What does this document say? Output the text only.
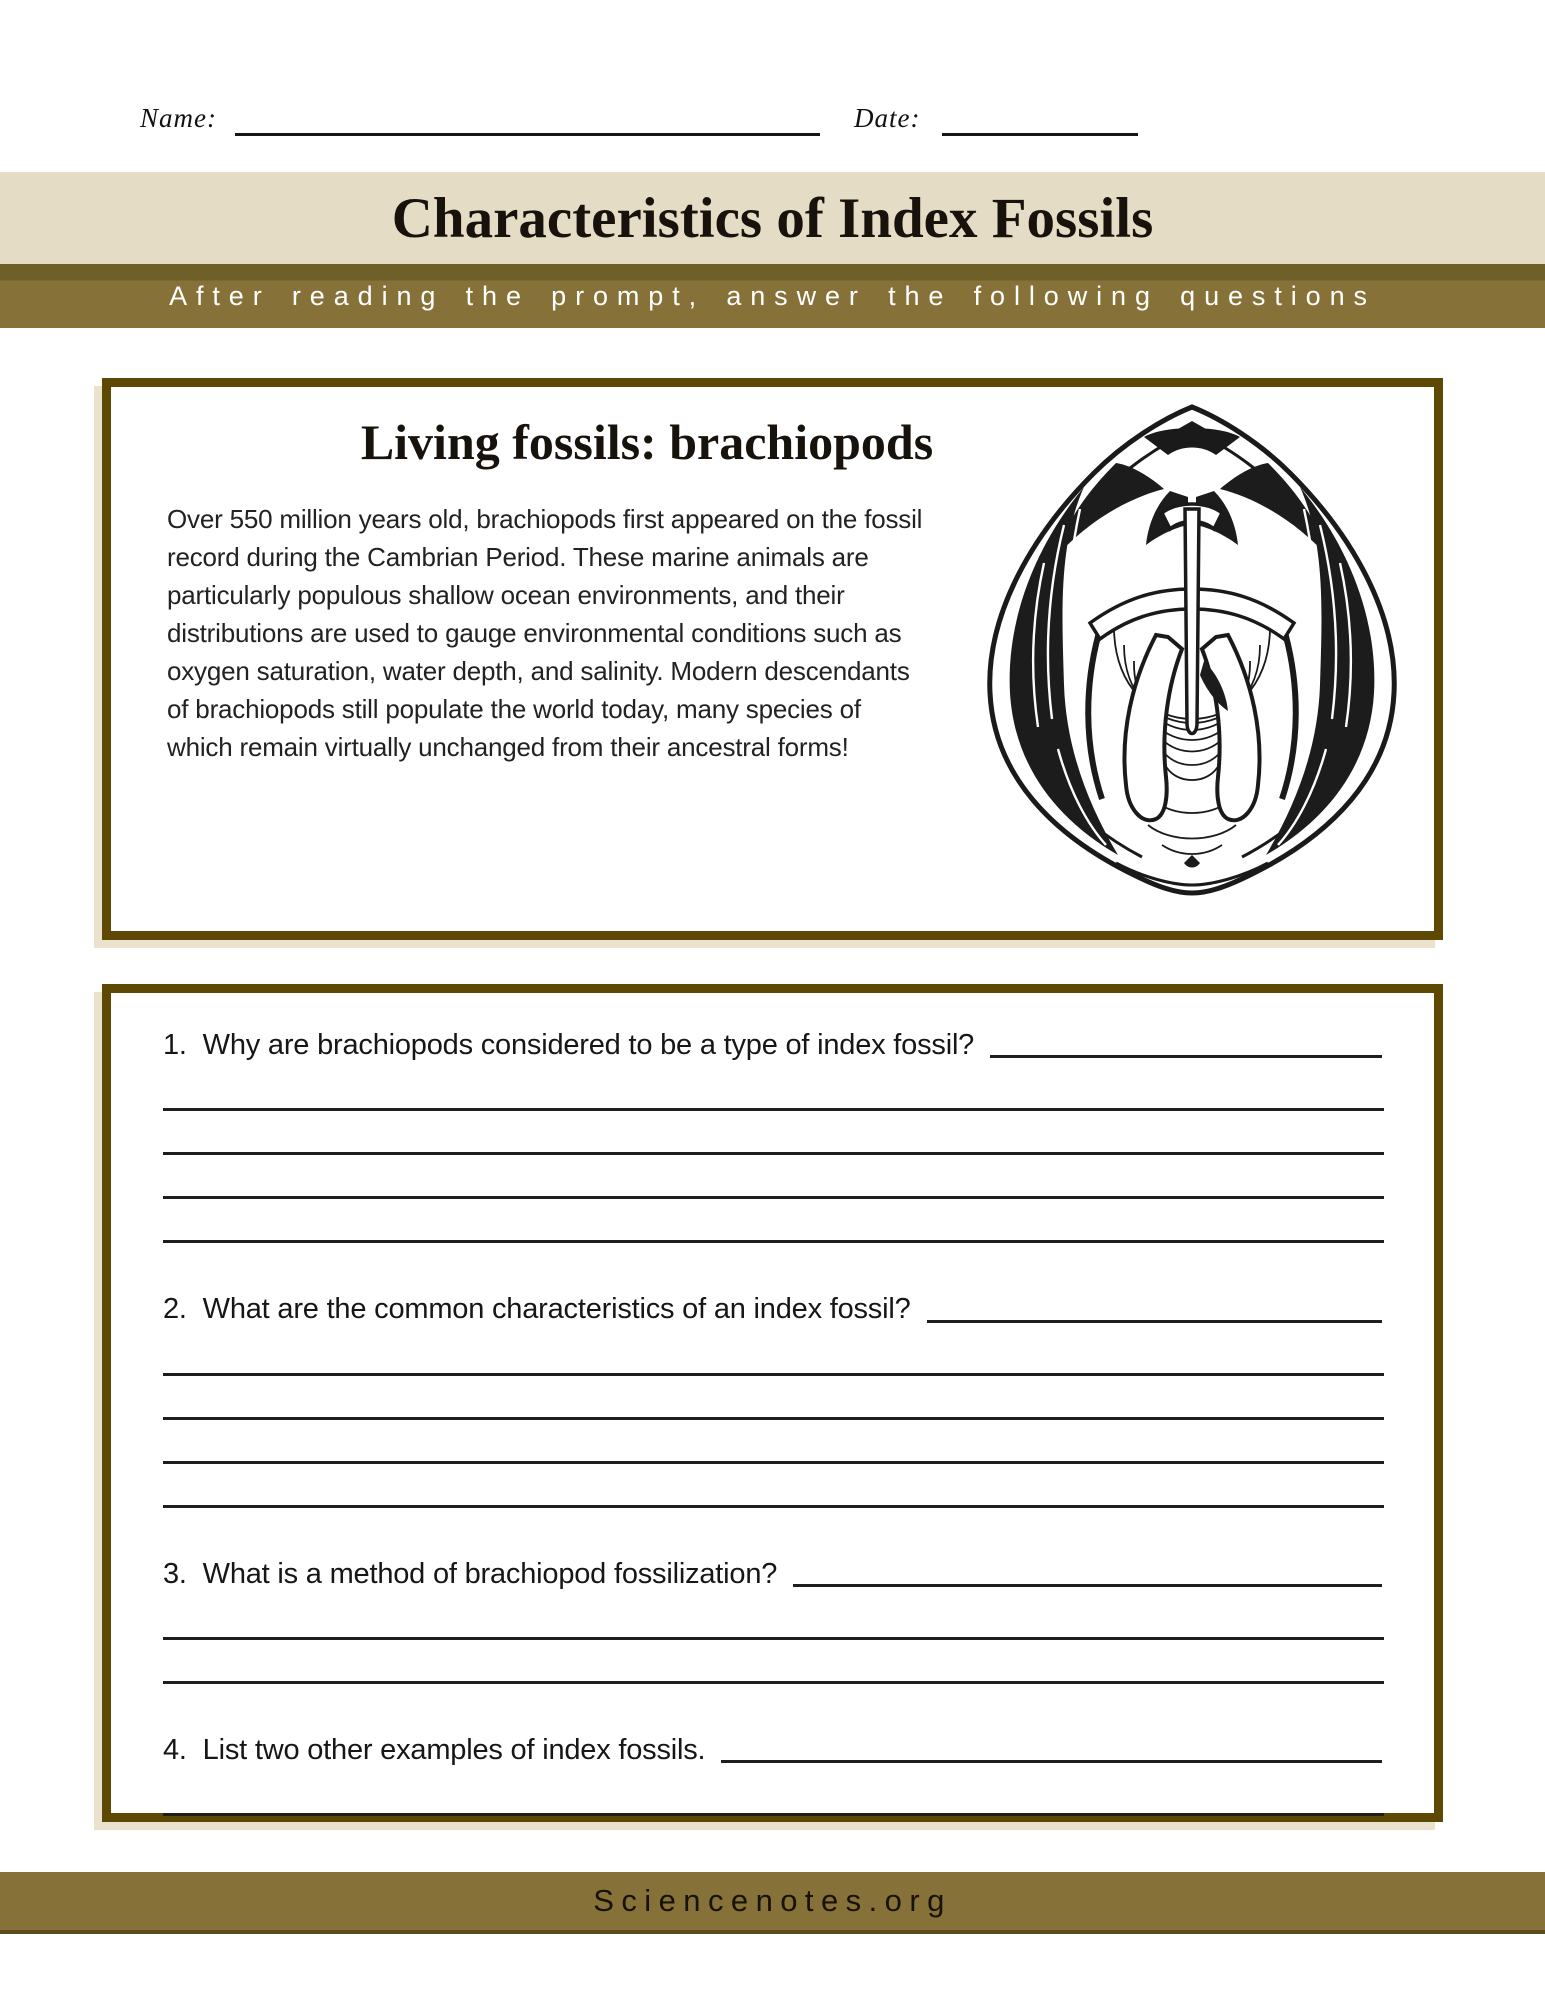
Name:	Date:
Characteristics of Index Fossils
After reading the prompt, answer the following questions
Living fossils: brachiopods

Over 550 million years old, brachiopods first appeared on the fossil record during the Cambrian Period. These marine animals are particularly populous shallow ocean environments, and their distributions are used to gauge environmental conditions such as oxygen saturation, water depth, and salinity. Modern descendants of brachiopods still populate the world today, many species of which remain virtually unchanged from their ancestral forms!

1. Why are brachiopods considered to be a type of index fossil?
2. What are the common characteristics of an index fossil?
3. What is a method of brachiopod fossilization?
4. List two other examples of index fossils.
Sciencenotes.org
